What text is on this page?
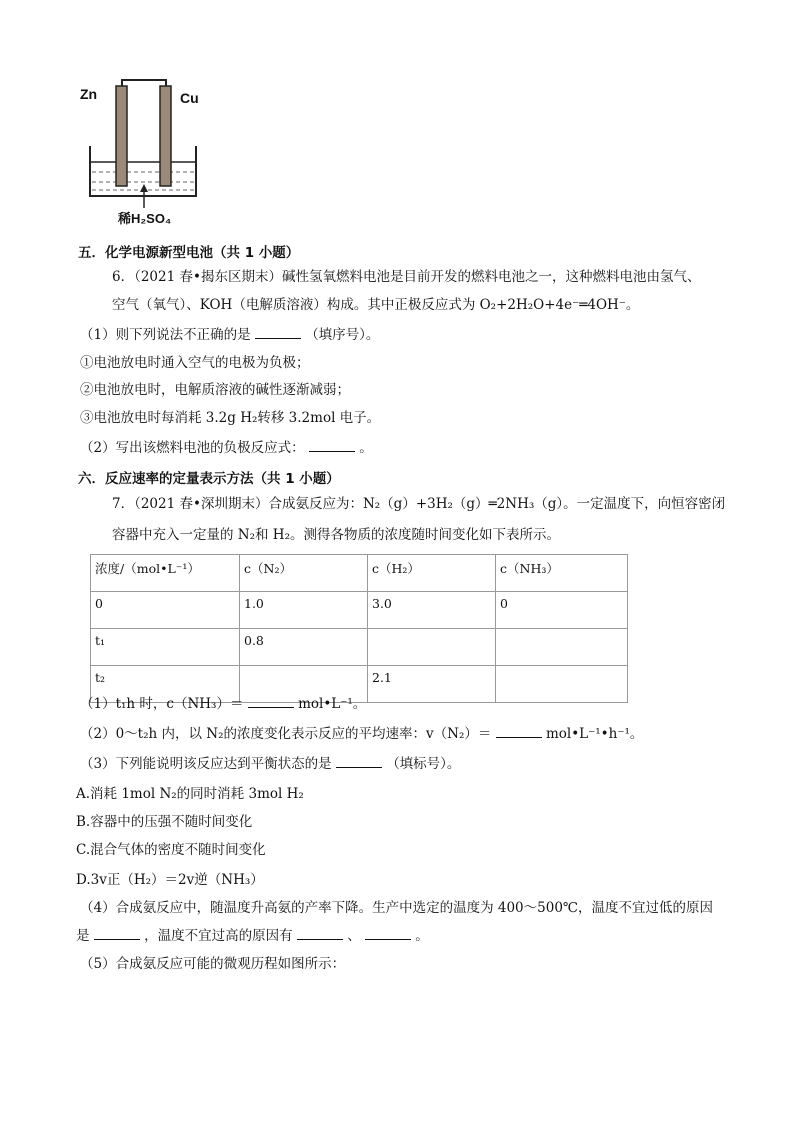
Zn	Cu
稀H₂SO₄
五．化学电源新型电池（共 1 小题）
6．（2021 春•揭东区期末）碱性氢氧燃料电池是目前开发的燃料电池之一，这种燃料电池由氢气、
空气（氧气）、KOH（电解质溶液）构成。其中正极反应式为 O₂+2H₂O+4e⁻═4OH⁻。
（1）则下列说法不正确的是	（填序号）。
①电池放电时通入空气的电极为负极；
②电池放电时，电解质溶液的碱性逐渐减弱；
③电池放电时每消耗 3.2g H₂转移 3.2mol 电子。
（2）写出该燃料电池的负极反应式：	。
六．反应速率的定量表示方法（共 1 小题）
7．（2021 春•深圳期末）合成氨反应为：N₂（g）+3H₂（g）═2NH₃（g）。一定温度下，向恒容密闭
容器中充入一定量的 N₂和 H₂。测得各物质的浓度随时间变化如下表所示。
浓度/（mol•L⁻¹）	c（N₂）	c（H₂）	c（NH₃）
0	1.0	3.0	0
t₁	0.8		
t₂		2.1	
（1）t₁h 时，c（NH₃）＝	mol•L⁻¹。
（2）0～t₂h 内，以 N₂的浓度变化表示反应的平均速率：v（N₂）＝	mol•L⁻¹•h⁻¹。
（3）下列能说明该反应达到平衡状态的是	（填标号）。
A.消耗 1mol N₂的同时消耗 3mol H₂
B.容器中的压强不随时间变化
C.混合气体的密度不随时间变化
D.3v正（H₂）＝2v逆（NH₃）
（4）合成氨反应中，随温度升高氨的产率下降。生产中选定的温度为 400～500℃，温度不宜过低的原因
是	，温度不宜过高的原因有	、	。
（5）合成氨反应可能的微观历程如图所示：
